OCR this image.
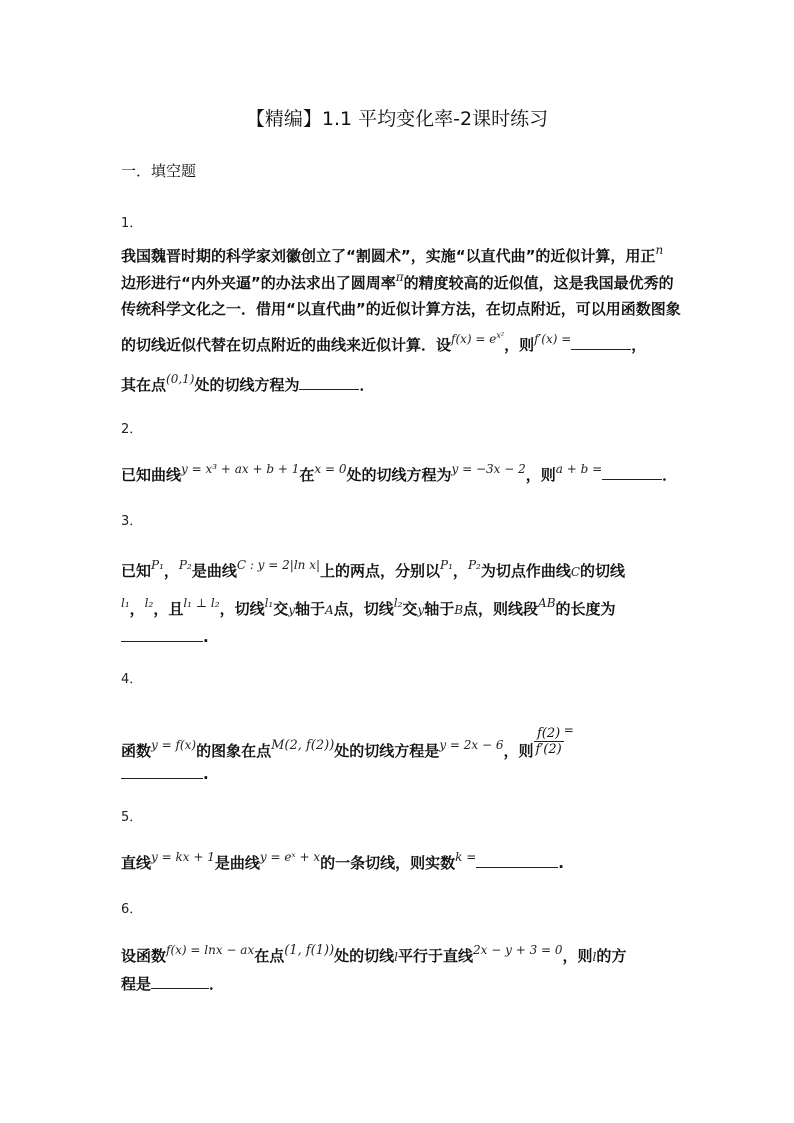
【精编】1.1 平均变化率-2课时练习
一．填空题
1．
我国魏晋时期的科学家刘徽创立了“割圆术”，实施“以直代曲”的近似计算，用正$^n$
边形进行“内外夹逼”的办法求出了圆周率$^\pi$的精度较高的近似值，这是我国最优秀的
传统科学文化之一．借用“以直代曲”的近似计算方法，在切点附近，可以用函数图象
的切线近似代替在切点附近的曲线来近似计算．设$^{f(x) = e^{x^2}}$，则$^{f'(x) =}$	，
其在点$^{(0,1)}$处的切线方程为	．
2．
已知曲线$^{y = x^3 + ax + b + 1}$在$^{x = 0}$处的切线方程为$^{y = -3x - 2}$，则$^{a + b =}$	．
3．
已知$^{P_1}$，$^{P_2}$是曲线$^{C : y = 2|ln x|}$上的两点，分别以$^{P_1}$，$^{P_2}$为切点作曲线C的切线
$^{l_1}$，$^{l_2}$，且$^{l_1 \perp l_2}$，切线$^{l_1}$交y轴于A点，切线$^{l_2}$交y轴于B点，则线段$^{AB}$的长度为
.
4．
函数$^{y = f(x)}$的图象在点M(2, f(2))处的切线方程是$^{y = 2x - 6}$，则 $\frac{f(2)}{f'(2)} ^=$
.
5．
直线$^{y = kx + 1}$是曲线$^{y = eˣ + x}$的一条切线，则实数$^{k =}$	.
6．
设函数$^{f(x) = lnx - ax}$在点(1, f(1))处的切线l平行于直线$^{2x - y + 3 = 0}$，则l的方
程是	．
